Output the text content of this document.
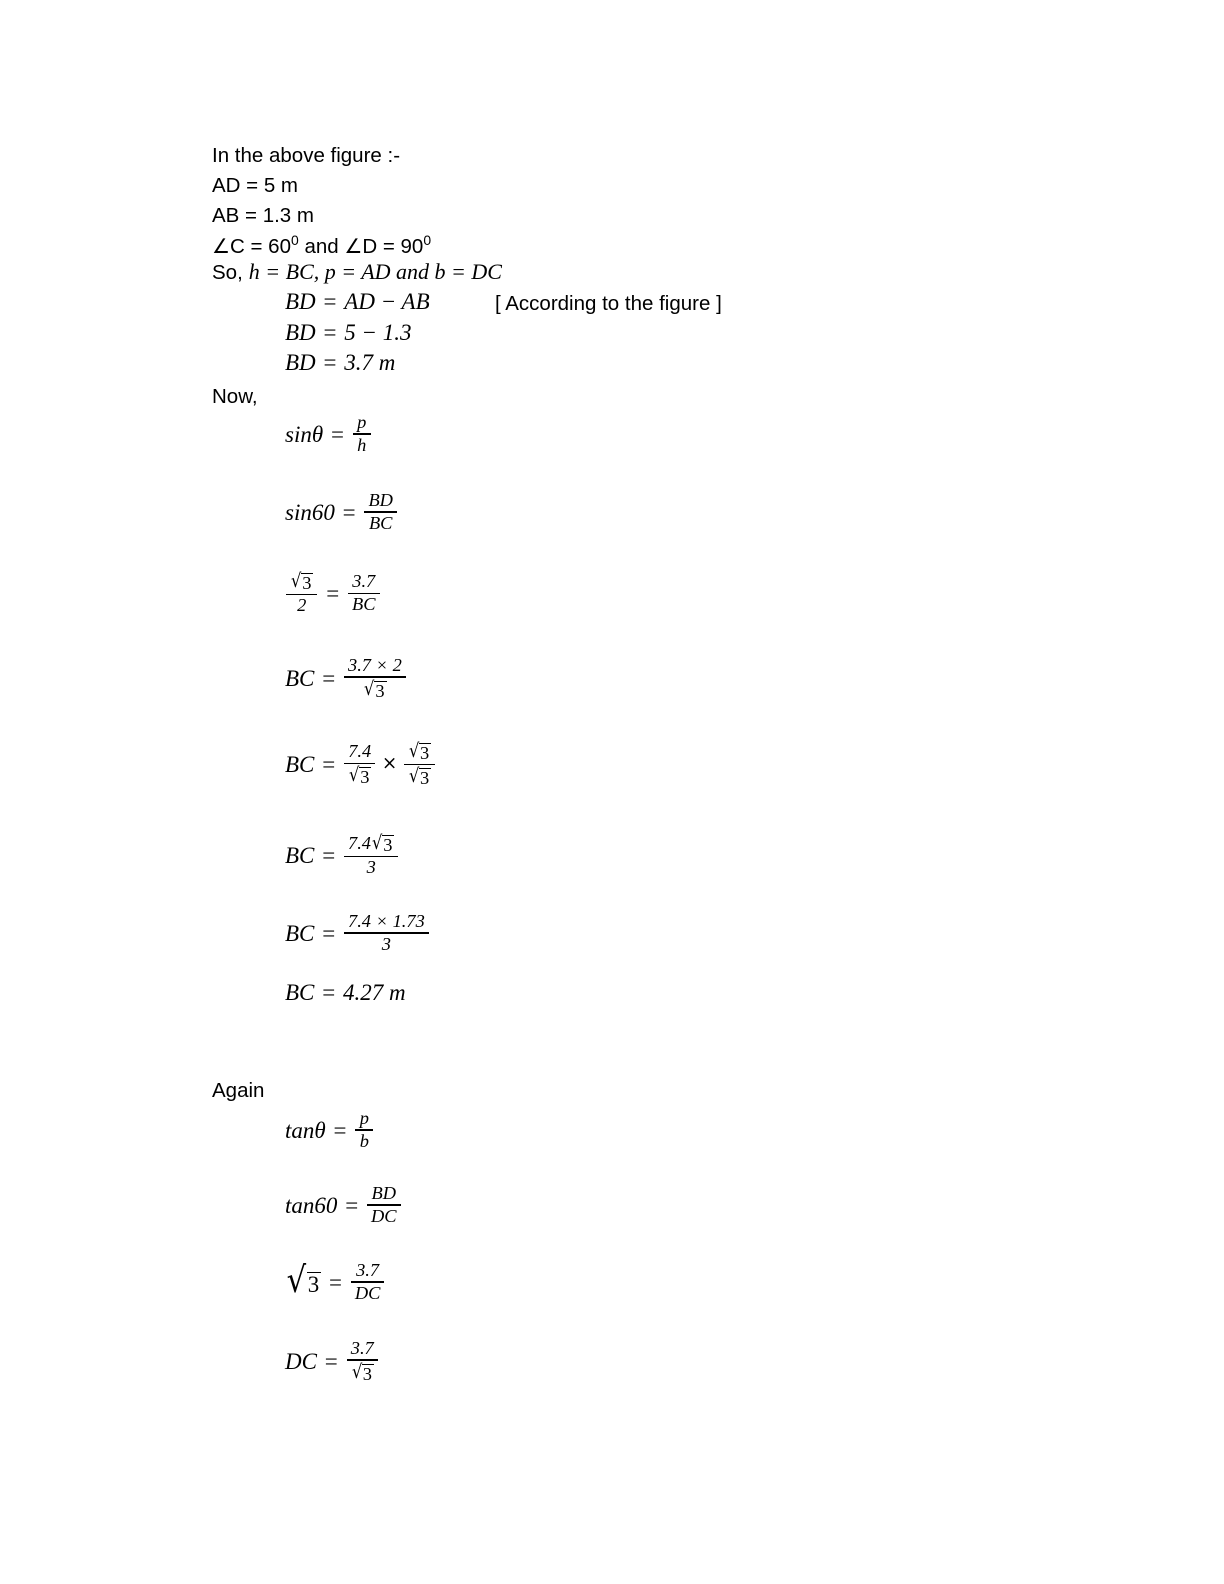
In the above figure :-
AD = 5 m
AB = 1.3 m
∠C = $60^0$ and ∠D = $90^0$
So, h = BC, p = AD and b = DC
BD = AD − AB	[ According to the figure ]
BD = 5 − 1.3
BD = 3.7 m
Now,
$\sin\theta = \frac{p}{h}$
$\sin 60 = \frac{BD}{BC}$
$\frac{√ 3}{2} = \frac{3.7}{BC}$
BC = $\frac{3.7 \times 2}{√ 3}$
BC = $\frac{7.4}{√ 3} \times \frac{√ 3}{√ 3}$
BC = $\frac{7.4 √ 3}{3}$
BC = $\frac{7.4 \times 1.73}{3}$
BC = 4.27 m
Again
$\tan\theta = \frac{p}{b}$
$\tan 60 = \frac{BD}{DC}$
√ $3 = \frac{3.7}{DC}$
DC = $\frac{3.7}{√ 3}$
